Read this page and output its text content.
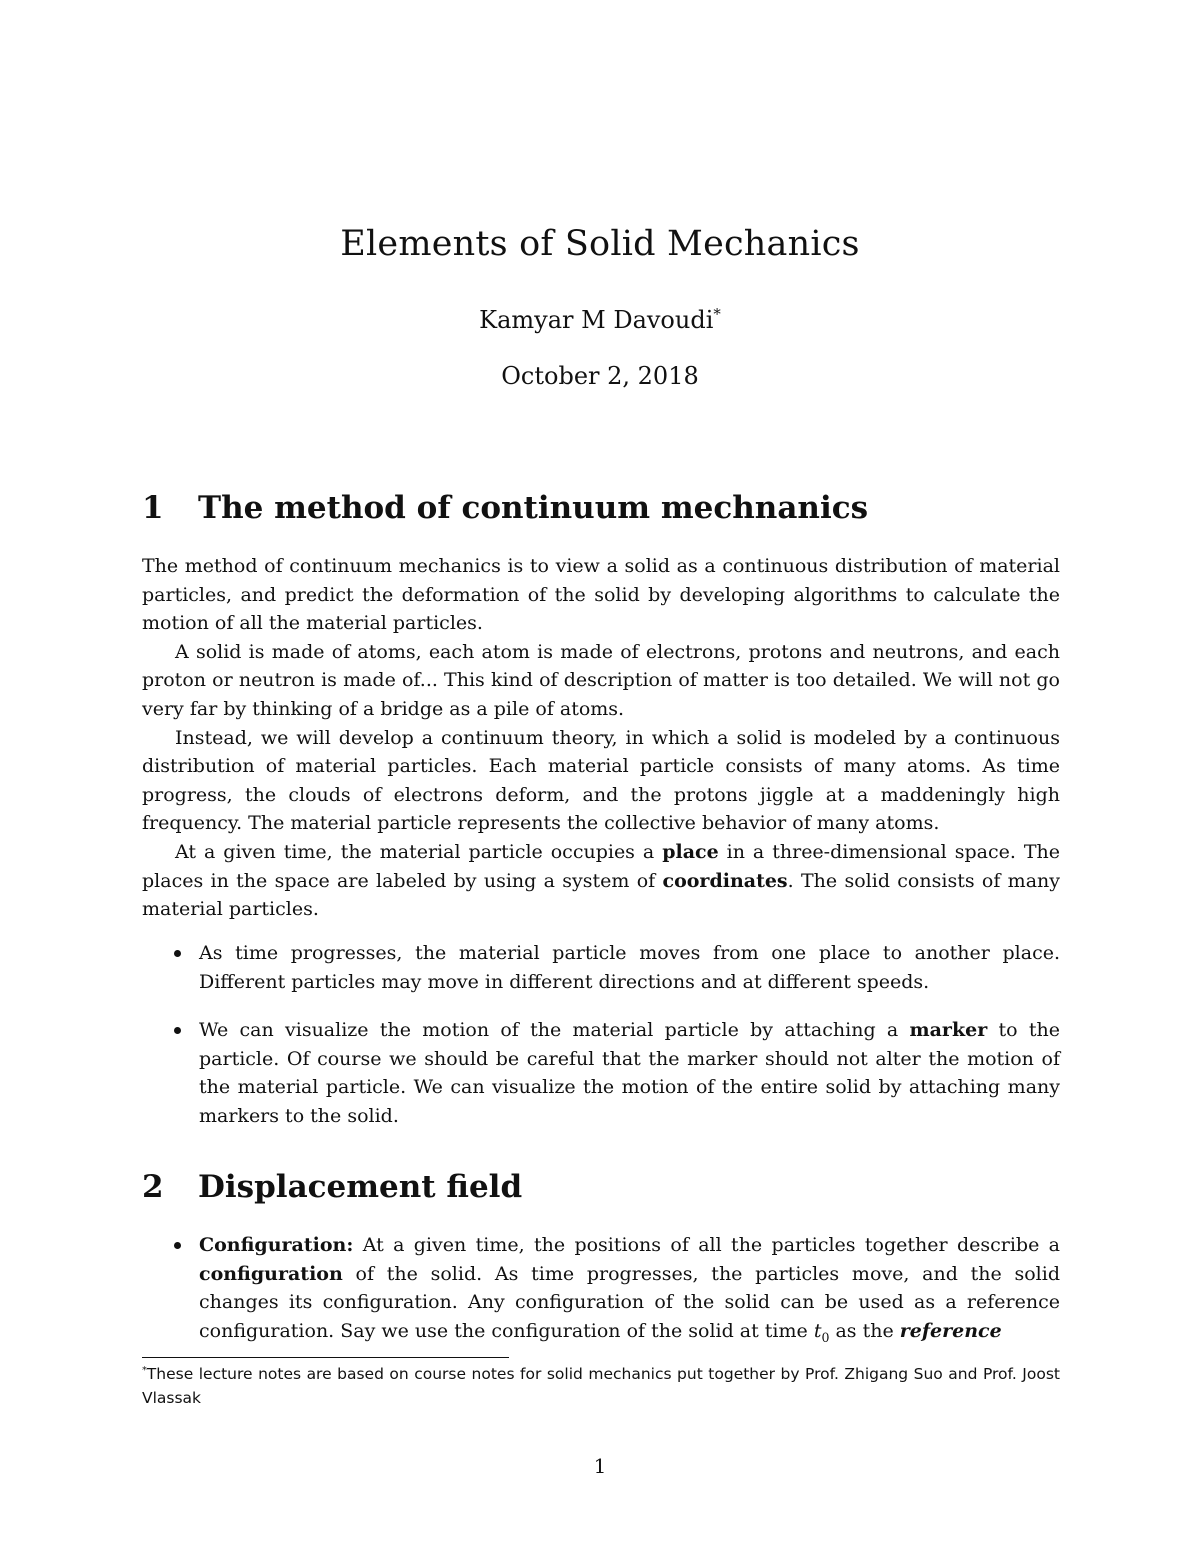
Elements of Solid Mechanics
Kamyar M Davoudi*
October 2, 2018
1 The method of continuum mechnanics

The method of continuum mechanics is to view a solid as a continuous distribution of material particles, and predict the deformation of the solid by developing algorithms to calculate the motion of all the material particles.

A solid is made of atoms, each atom is made of electrons, protons and neutrons, and each proton or neutron is made of... This kind of description of matter is too detailed. We will not go very far by thinking of a bridge as a pile of atoms.

Instead, we will develop a continuum theory, in which a solid is modeled by a continuous distribution of material particles. Each material particle consists of many atoms. As time progress, the clouds of electrons deform, and the protons jiggle at a maddeningly high frequency. The material particle represents the collective behavior of many atoms.

At a given time, the material particle occupies a place in a three-dimensional space. The places in the space are labeled by using a system of coordinates. The solid consists of many material particles.

As time progresses, the material particle moves from one place to another place. Different particles may move in different directions and at different speeds.
We can visualize the motion of the material particle by attaching a marker to the particle. Of course we should be careful that the marker should not alter the motion of the material particle. We can visualize the motion of the entire solid by attaching many markers to the solid.
2 Displacement field
Configuration: At a given time, the positions of all the particles together describe a configuration of the solid. As time progresses, the particles move, and the solid changes its configuration. Any configuration of the solid can be used as a reference configuration. Say we use the configuration of the solid at time $t_0$ as the reference
*These lecture notes are based on course notes for solid mechanics put together by Prof. Zhigang Suo and Prof. Joost Vlassak
1
